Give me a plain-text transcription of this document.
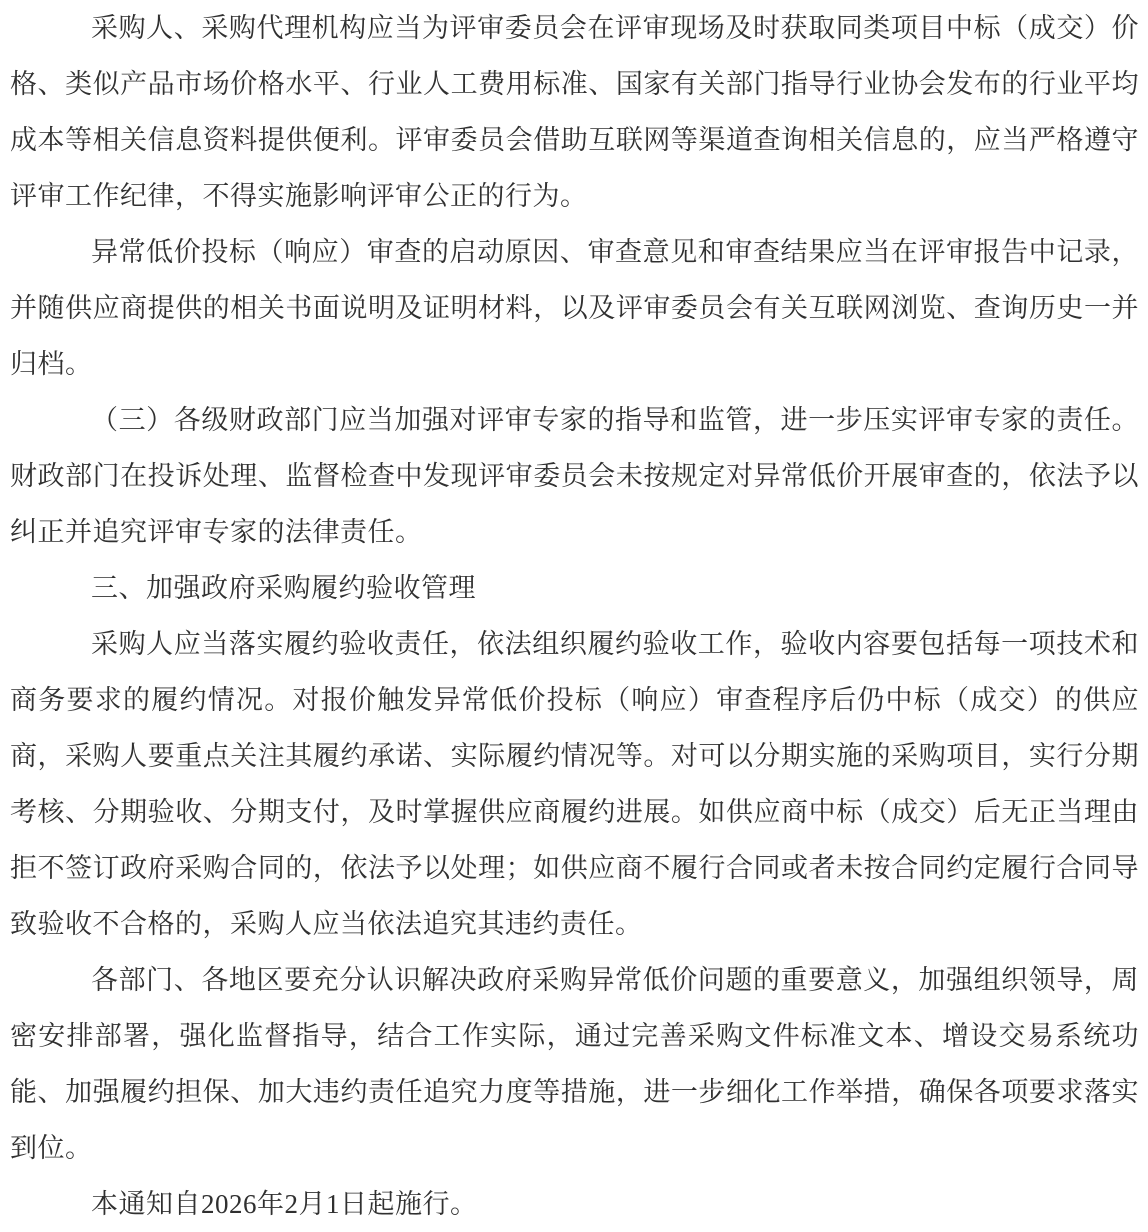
采购人、采购代理机构应当为评审委员会在评审现场及时获取同类项目中标（成交）价
格、类似产品市场价格水平、行业人工费用标准、国家有关部门指导行业协会发布的行业平均
成本等相关信息资料提供便利。评审委员会借助互联网等渠道查询相关信息的，应当严格遵守
评审工作纪律，不得实施影响评审公正的行为。
异常低价投标（响应）审查的启动原因、审查意见和审查结果应当在评审报告中记录，
并随供应商提供的相关书面说明及证明材料，以及评审委员会有关互联网浏览、查询历史一并
归档。
（三）各级财政部门应当加强对评审专家的指导和监管，进一步压实评审专家的责任。
财政部门在投诉处理、监督检查中发现评审委员会未按规定对异常低价开展审查的，依法予以
纠正并追究评审专家的法律责任。
三、加强政府采购履约验收管理
采购人应当落实履约验收责任，依法组织履约验收工作，验收内容要包括每一项技术和
商务要求的履约情况。对报价触发异常低价投标（响应）审查程序后仍中标（成交）的供应
商，采购人要重点关注其履约承诺、实际履约情况等。对可以分期实施的采购项目，实行分期
考核、分期验收、分期支付，及时掌握供应商履约进展。如供应商中标（成交）后无正当理由
拒不签订政府采购合同的，依法予以处理；如供应商不履行合同或者未按合同约定履行合同导
致验收不合格的，采购人应当依法追究其违约责任。
各部门、各地区要充分认识解决政府采购异常低价问题的重要意义，加强组织领导，周
密安排部署，强化监督指导，结合工作实际，通过完善采购文件标准文本、增设交易系统功
能、加强履约担保、加大违约责任追究力度等措施，进一步细化工作举措，确保各项要求落实
到位。
本通知自2026年2月1日起施行。
